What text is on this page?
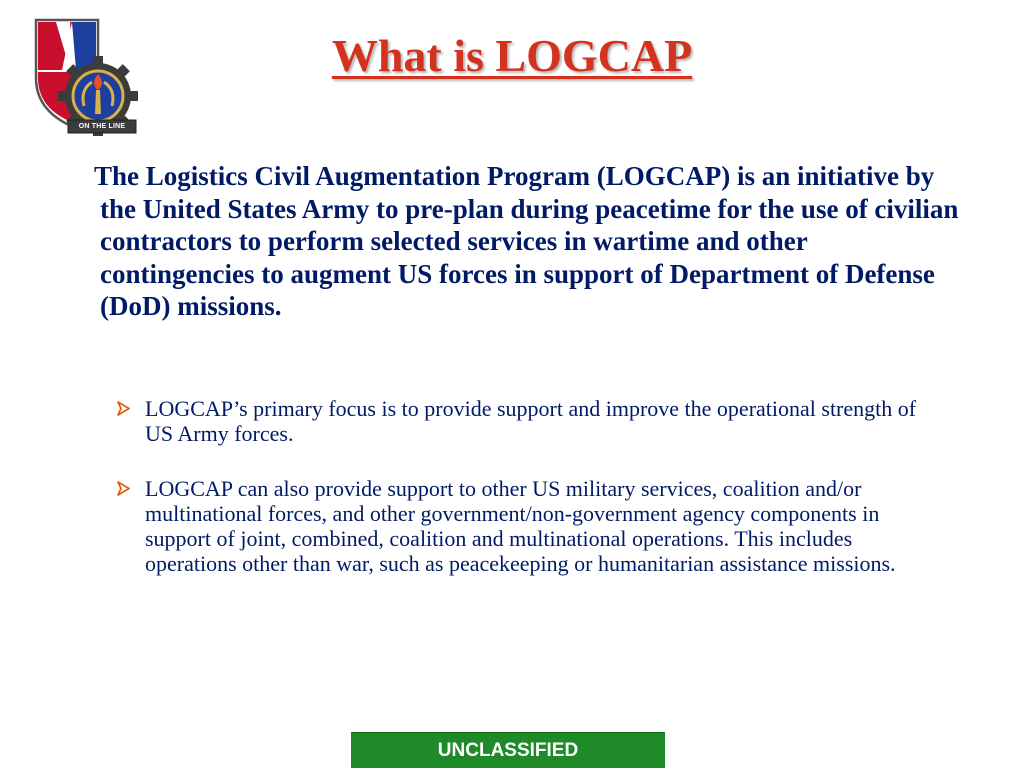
ON THE LINE
What is LOGCAP

The Logistics Civil Augmentation Program (LOGCAP) is an initiative by the United States Army to pre-plan during peacetime for the use of civilian contractors to perform selected services in wartime and other contingencies to augment US forces in support of Department of Defense (DoD) missions.

LOGCAP’s primary focus is to provide support and improve the operational strength of US Army forces.
LOGCAP can also provide support to other US military services, coalition and/or multinational forces, and other government/non-government agency components in support of joint, combined, coalition and multinational operations. This includes operations other than war, such as peacekeeping or humanitarian assistance missions.
UNCLASSIFIED
